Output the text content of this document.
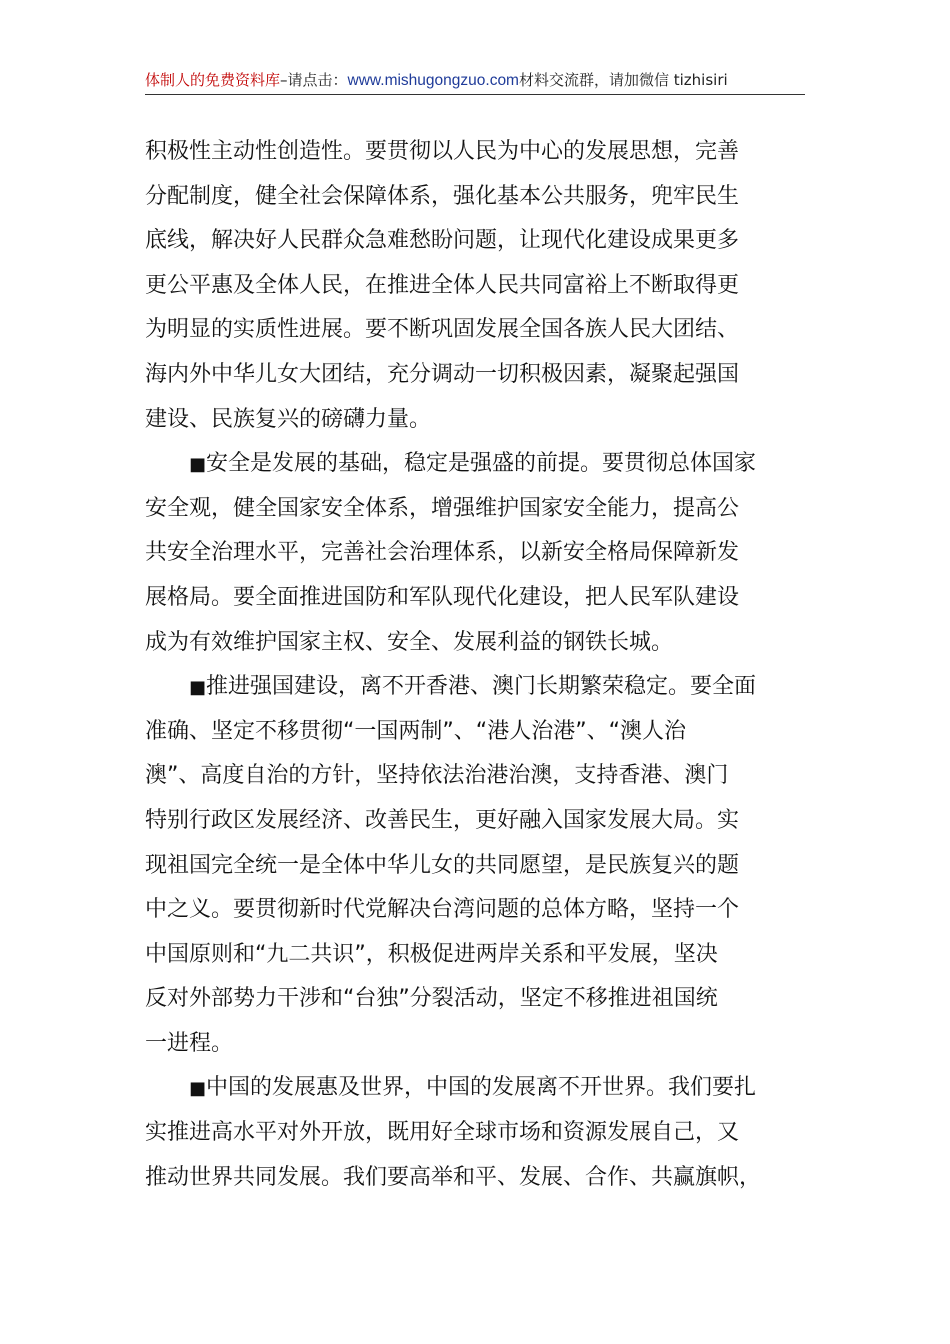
体制人的免费资料库–请点击：www.mishugongzuo.com材料交流群，请加微信 tizhisiri

积极性主动性创造性。要贯彻以人民为中心的发展思想，完善
分配制度，健全社会保障体系，强化基本公共服务，兜牢民生
底线，解决好人民群众急难愁盼问题，让现代化建设成果更多
更公平惠及全体人民，在推进全体人民共同富裕上不断取得更
为明显的实质性进展。要不断巩固发展全国各族人民大团结、
海内外中华儿女大团结，充分调动一切积极因素，凝聚起强国
建设、民族复兴的磅礴力量。

■安全是发展的基础，稳定是强盛的前提。要贯彻总体国家
安全观，健全国家安全体系，增强维护国家安全能力，提高公
共安全治理水平，完善社会治理体系，以新安全格局保障新发
展格局。要全面推进国防和军队现代化建设，把人民军队建设
成为有效维护国家主权、安全、发展利益的钢铁长城。

■推进强国建设，离不开香港、澳门长期繁荣稳定。要全面
准确、坚定不移贯彻“一国两制”、“港人治港”、“澳人治
澳”、高度自治的方针，坚持依法治港治澳，支持香港、澳门
特别行政区发展经济、改善民生，更好融入国家发展大局。实
现祖国完全统一是全体中华儿女的共同愿望，是民族复兴的题
中之义。要贯彻新时代党解决台湾问题的总体方略，坚持一个
中国原则和“九二共识”，积极促进两岸关系和平发展，坚决
反对外部势力干涉和“台独”分裂活动，坚定不移推进祖国统
一进程。

■中国的发展惠及世界，中国的发展离不开世界。我们要扎
实推进高水平对外开放，既用好全球市场和资源发展自己，又
推动世界共同发展。我们要高举和平、发展、合作、共赢旗帜，
